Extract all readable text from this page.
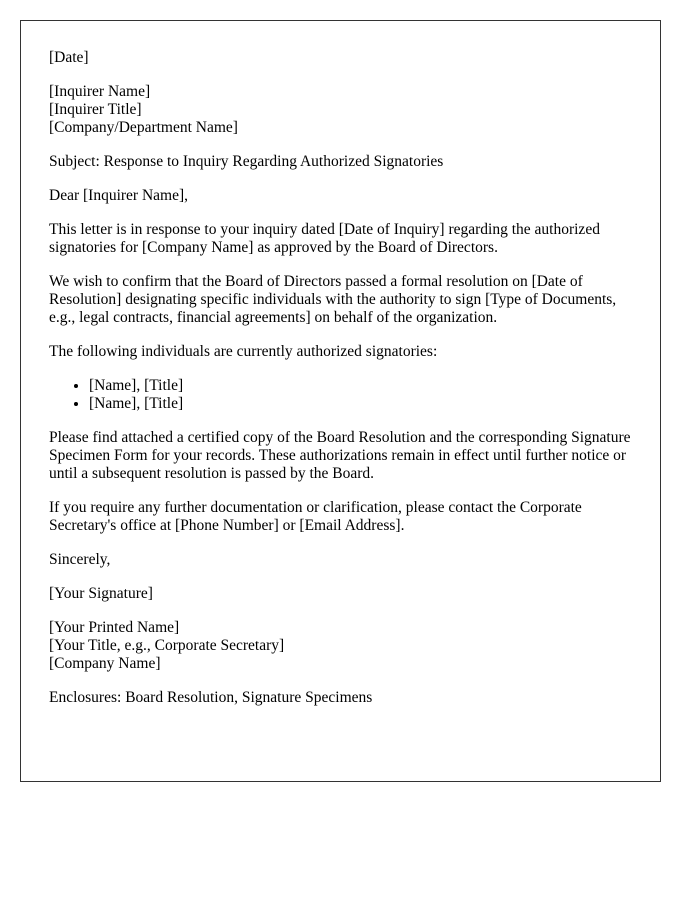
[Date]

[Inquirer Name]
[Inquirer Title]
[Company/Department Name]

Subject: Response to Inquiry Regarding Authorized Signatories

Dear [Inquirer Name],

This letter is in response to your inquiry dated [Date of Inquiry] regarding the authorized signatories for [Company Name] as approved by the Board of Directors.

We wish to confirm that the Board of Directors passed a formal resolution on [Date of Resolution] designating specific individuals with the authority to sign [Type of Documents, e.g., legal contracts, financial agreements] on behalf of the organization.

The following individuals are currently authorized signatories:

• [Name], [Title]
• [Name], [Title]

Please find attached a certified copy of the Board Resolution and the corresponding Signature Specimen Form for your records. These authorizations remain in effect until further notice or until a subsequent resolution is passed by the Board.

If you require any further documentation or clarification, please contact the Corporate Secretary's office at [Phone Number] or [Email Address].

Sincerely,

[Your Signature]

[Your Printed Name]
[Your Title, e.g., Corporate Secretary]
[Company Name]

Enclosures: Board Resolution, Signature Specimens
